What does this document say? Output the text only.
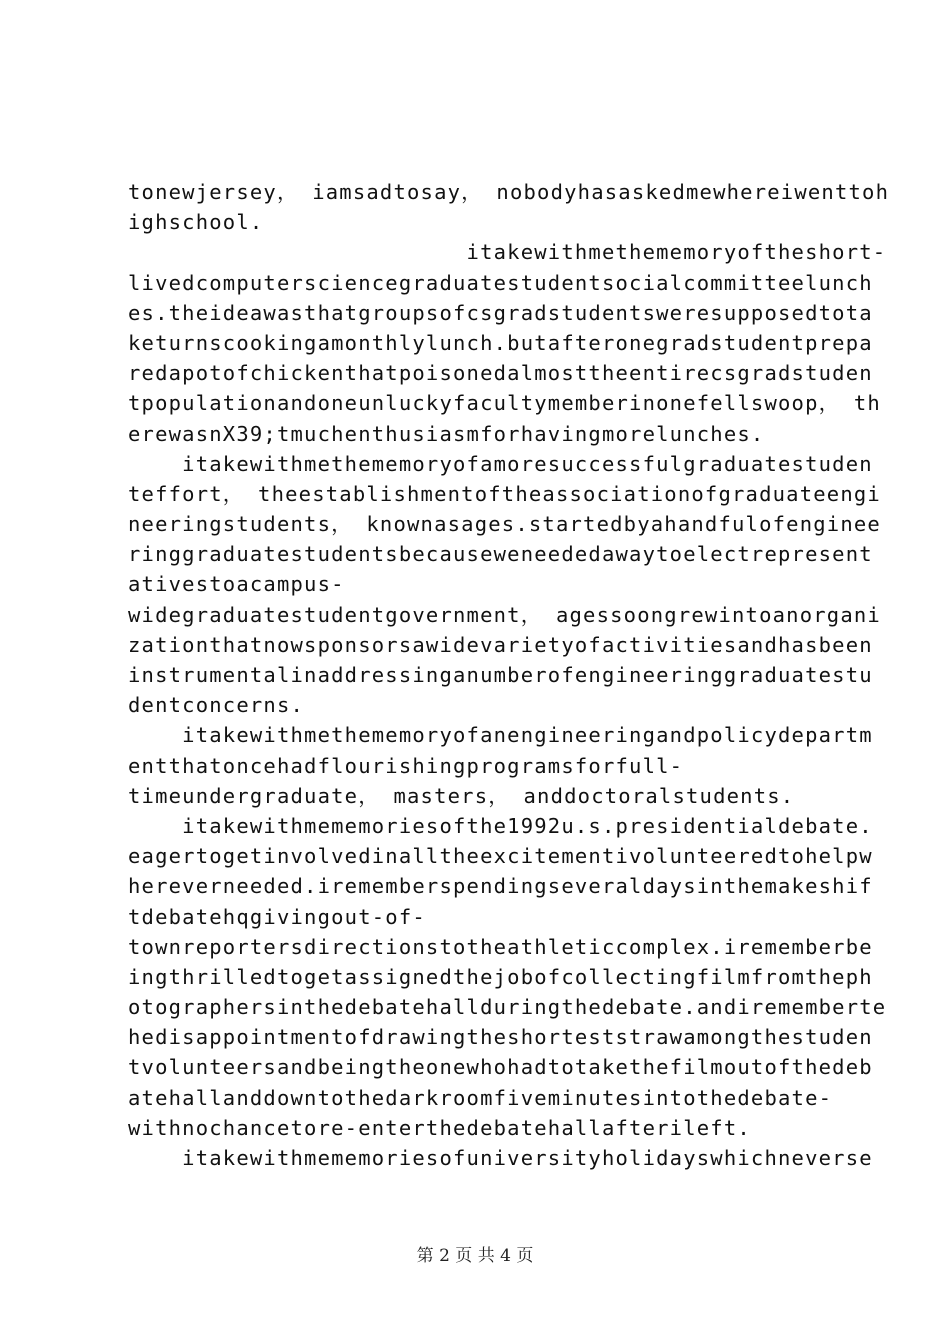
tonewjersey， iamsadtosay， nobodyhasaskedmewhereiwenttoh
ighschool.
itakewithmethememoryoftheshort-
livedcomputersciencegraduatestudentsocialcommitteelunch
es.theideawasthatgroupsofcsgradstudentsweresupposedtota
keturnscookingamonthlylunch.butafteronegradstudentprepa
redapotofchickenthatpoisonedalmosttheentirecsgradstuden
tpopulationandoneunluckyfacultymemberinonefellswoop， th
erewasnX39;tmuchenthusiasmforhavingmorelunches.
itakewithmethememoryofamoresuccessfulgraduatestuden
teffort， theestablishmentoftheassociationofgraduateengi
neeringstudents， knownasages.startedbyahandfulofenginee
ringgraduatestudentsbecauseweneededawaytoelectrepresent
ativestoacampus-
widegraduatestudentgovernment， agessoongrewintoanorgani
zationthatnowsponsorsawidevarietyofactivitiesandhasbeen
instrumentalinaddressinganumberofengineeringgraduatestu
dentconcerns.
itakewithmethememoryofanengineeringandpolicydepartm
entthatoncehadflourishingprogramsforfull-
timeundergraduate， masters， anddoctoralstudents.
itakewithmememoriesofthe1992u.s.presidentialdebate.
eagertogetinvolvedinalltheexcitementivolunteeredtohelpw
hereverneeded.irememberspendingseveraldaysinthemakeshif
tdebatehqgivingout-of-
townreportersdirectionstotheathleticcomplex.irememberbe
ingthrilledtogetassignedthejobofcollectingfilmfromtheph
otographersinthedebatehallduringthedebate.andirememberte
hedisappointmentofdrawingtheshorteststrawamongthestuden
tvolunteersandbeingtheonewhohadtotakethefilmoutofthedeb
atehallanddowntothedarkroomfiveminutesintothedebate-
withnochancetore-enterthedebatehallafterileft.
itakewithmememoriesofuniversityholidayswhichneverse
第 2 页 共 4 页
